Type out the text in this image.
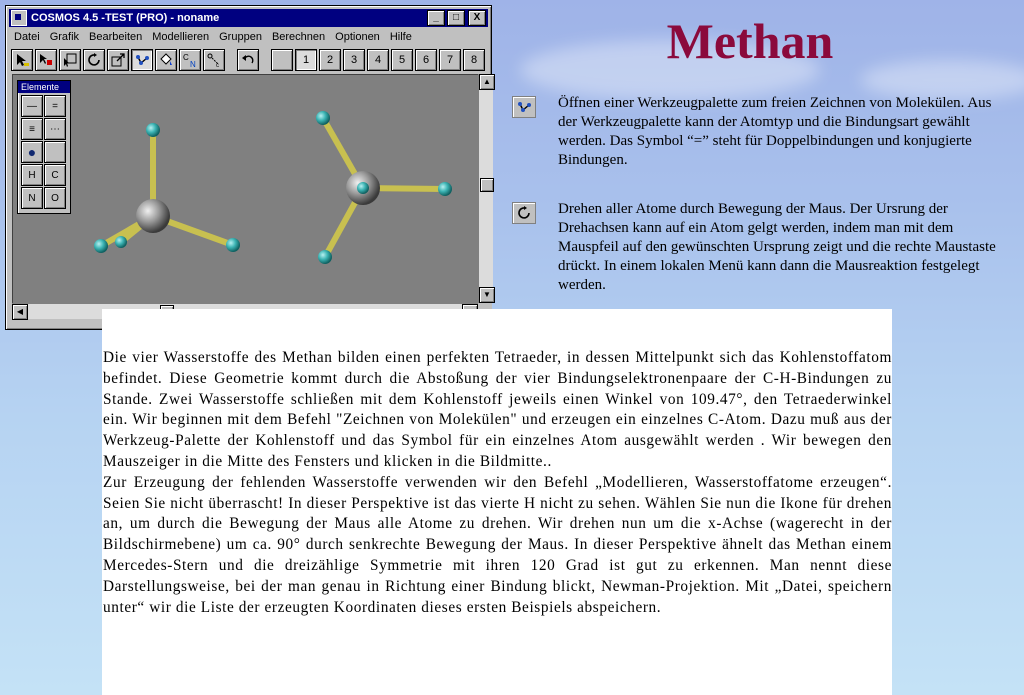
COSMOS 4.5 -TEST (PRO) - noname	_	□	X
Datei Grafik Bearbeiten Modellieren Gruppen Berechnen Optionen Hilfe
C
N	c	1	2	3	4	5	6	7	8
▲
▼
◀
Elemente
—	=
≡	⋯
●
H	C
N	O
Methan
Öffnen einer Werkzeugpalette zum freien Zeichnen von Molekülen. Aus der Werkzeugpalette kann der Atomtyp und die Bindungsart gewählt werden. Das Symbol “=” steht für Doppelbindungen und konjugierte Bindungen.
Drehen aller Atome durch Bewegung der Maus. Der Ursrung der Drehachsen kann auf ein Atom gelgt werden, indem man mit dem Mauspfeil auf den gewünschten Ursprung zeigt und die rechte Maustaste drückt. In einem lokalen Menü kann dann die Mausreaktion festgelegt werden.

Die vier Wasserstoffe des Methan bilden einen perfekten Tetraeder, in dessen Mittelpunkt sich das Kohlenstoffatom befindet. Diese Geometrie kommt durch die Abstoßung der vier Bindungselektronenpaare der C-H-Bindungen zu Stande. Zwei Wasserstoffe schließen mit dem Kohlenstoff jeweils einen Winkel von 109.47°, den Tetraederwinkel ein. Wir beginnen mit dem Befehl "Zeichnen von Molekülen" und erzeugen ein einzelnes C-Atom. Dazu muß aus der Werkzeug-Palette der Kohlenstoff und das Symbol für ein einzelnes Atom ausgewählt werden . Wir bewegen den Mauszeiger in die Mitte des Fensters und klicken in die Bildmitte..

Zur Erzeugung der fehlenden Wasserstoffe verwenden wir den Befehl „Modellieren, Wasserstoffatome erzeugen“. Seien Sie nicht überrascht! In dieser Perspektive ist das vierte H nicht zu sehen. Wählen Sie nun die Ikone für drehen an, um durch die Bewegung der Maus alle Atome zu drehen. Wir drehen nun um die x-Achse (wagerecht in der Bildschirmebene) um ca. 90° durch senkrechte Bewegung der Maus. In dieser Perspektive ähnelt das Methan einem Mercedes-Stern und die dreizählige Symmetrie mit ihren 120 Grad ist gut zu erkennen. Man nennt diese Darstellungsweise, bei der man genau in Richtung einer Bindung blickt, Newman-Projektion. Mit „Datei, speichern unter“ wir die Liste der erzeugten Koordinaten dieses ersten Beispiels abspeichern.
